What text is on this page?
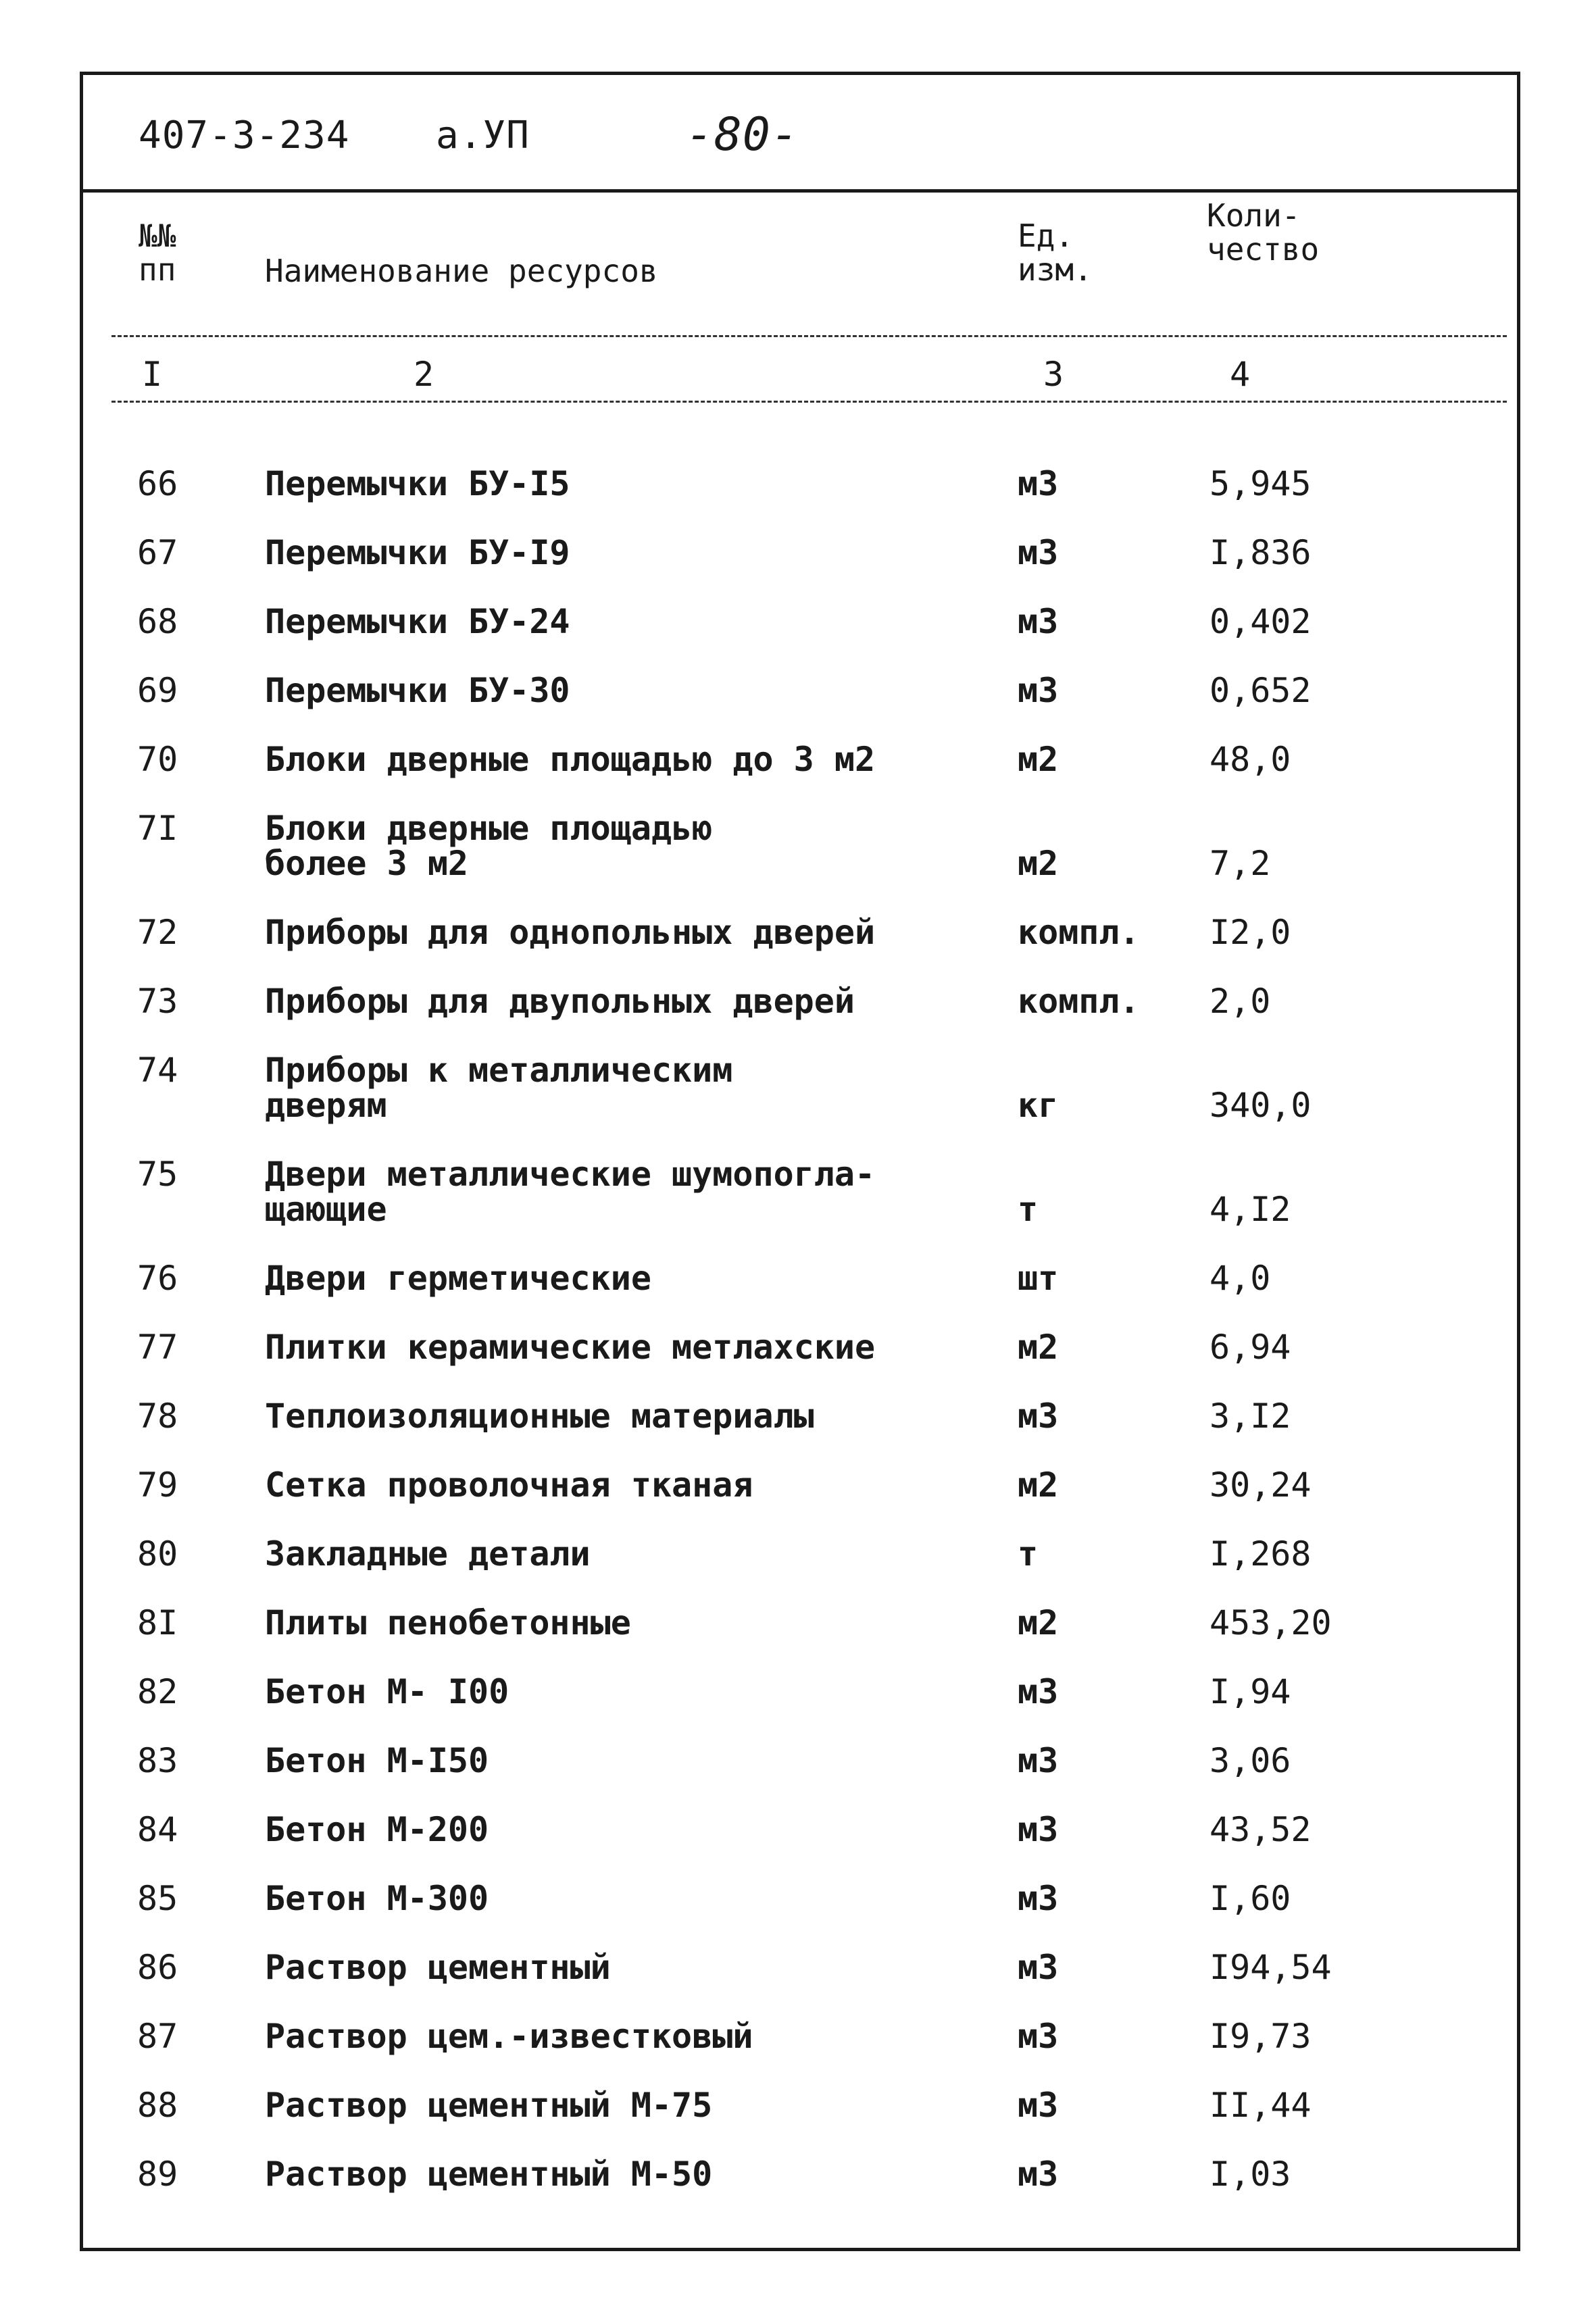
407-3-234 а.УП	-80-
№№
пп	Наименование ресурсов
Ед.
изм.
Коли-
чество
I	2	3	4
66	Перемычки БУ-I5	м3	5,945
67	Перемычки БУ-I9	м3	I,836
68	Перемычки БУ-24	м3	0,402
69	Перемычки БУ-30	м3	0,652
70	Блоки дверные площадью до 3 м2	м2	48,0
7I	Блоки дверные площадью
более 3 м2	м2	7,2
72	Приборы для однопольных дверей	компл. I2,0
73	Приборы для двупольных дверей	компл. 2,0
74	Приборы к металлическим
дверям	кг	340,0
75	Двери металлические шумопогла-
щающие	т	4,I2
76	Двери герметические	шт	4,0
77	Плитки керамические метлахские	м2	6,94
78	Теплоизоляционные материалы	м3	3,I2
79	Сетка проволочная тканая	м2	30,24
80	Закладные детали	т	I,268
8I	Плиты пенобетонные	м2	453,20
82	Бетон М- I00	м3	I,94
83	Бетон М-I50	м3	3,06
84	Бетон М-200	м3	43,52
85	Бетон М-300	м3	I,60
86	Раствор цементный	м3	I94,54
87	Раствор цем.-известковый	м3	I9,73
88	Раствор цементный М-75	м3	II,44
89	Раствор цементный М-50	м3	I,03
